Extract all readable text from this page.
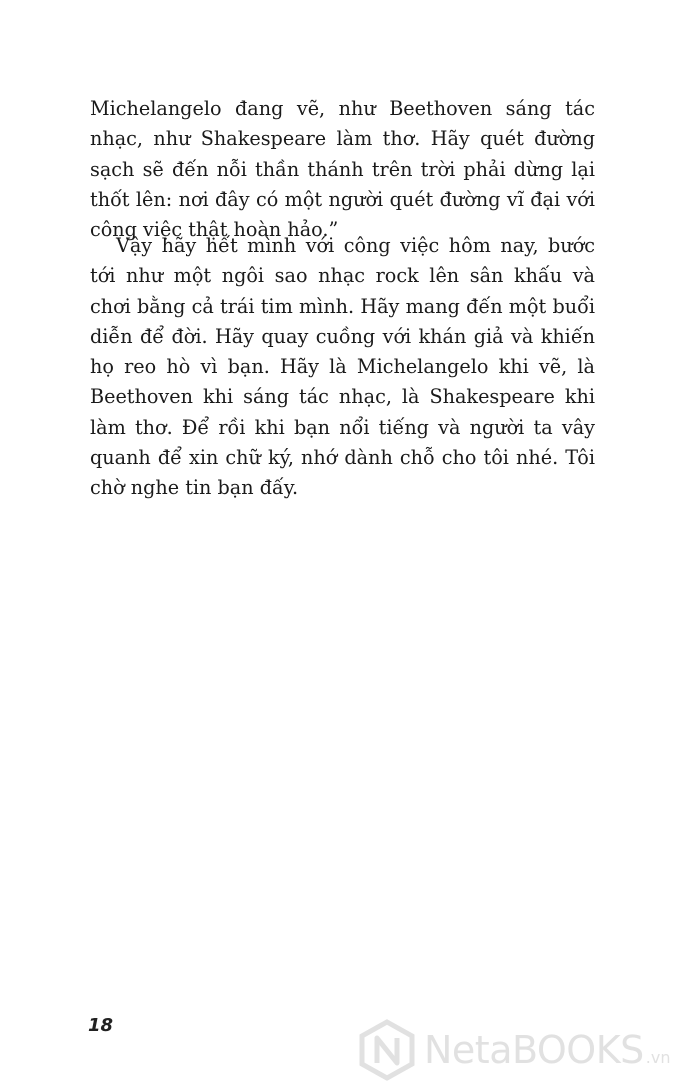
Michelangelo đang vẽ, như Beethoven sáng tác nhạc, như Shakespeare làm thơ. Hãy quét đường sạch sẽ đến nỗi thần thánh trên trời phải dừng lại thốt lên: nơi đây có một người quét đường vĩ đại với công việc thật hoàn hảo.”

Vậy hãy hết mình với công việc hôm nay, bước tới như một ngôi sao nhạc rock lên sân khấu và chơi bằng cả trái tim mình. Hãy mang đến một buổi diễn để đời. Hãy quay cuồng với khán giả và khiến họ reo hò vì bạn. Hãy là Michelangelo khi vẽ, là Beethoven khi sáng tác nhạc, là Shakespeare khi làm thơ. Để rồi khi bạn nổi tiếng và người ta vây quanh để xin chữ ký, nhớ dành chỗ cho tôi nhé. Tôi chờ nghe tin bạn đấy.

18
NetaBOOKS .vn
